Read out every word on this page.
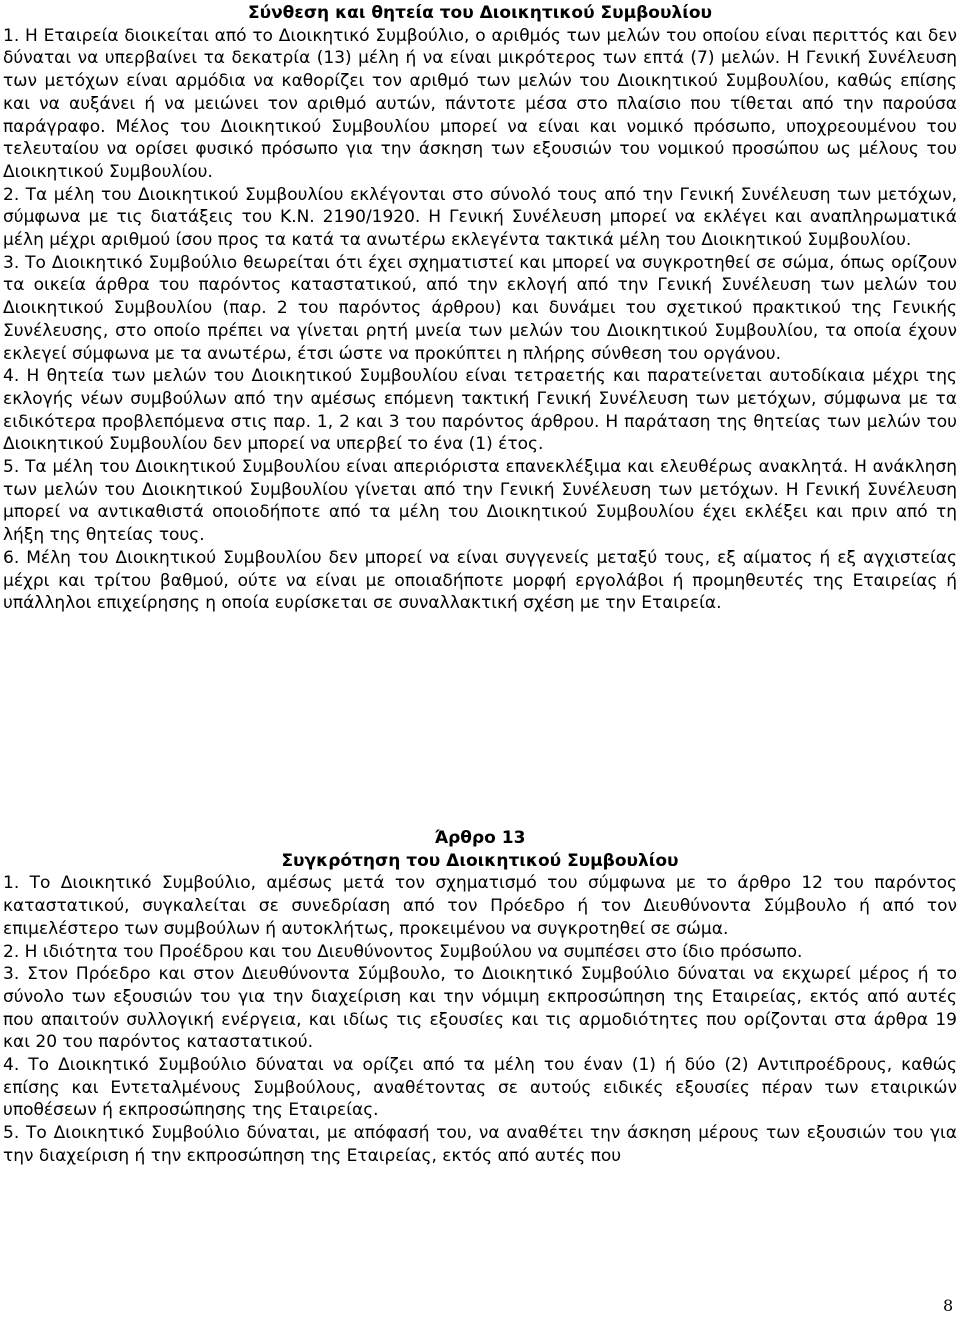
Σύνθεση και θητεία του Διοικητικού Συμβουλίου

1. Η Εταιρεία διοικείται από το Διοικητικό Συμβούλιο, ο αριθμός των μελών του οποίου είναι περιττός και δεν δύναται να υπερβαίνει τα δεκατρία (13) μέλη ή να είναι μικρότερος των επτά (7) μελών. Η Γενική Συνέλευση των μετόχων είναι αρμόδια να καθορίζει τον αριθμό των μελών του Διοικητικού Συμβουλίου, καθώς επίσης και να αυξάνει ή να μειώνει τον αριθμό αυτών, πάντοτε μέσα στο πλαίσιο που τίθεται από την παρούσα παράγραφο. Μέλος του Διοικητικού Συμβουλίου μπορεί να είναι και νομικό πρόσωπο, υποχρεουμένου του τελευταίου να ορίσει φυσικό πρόσωπο για την άσκηση των εξουσιών του νομικού προσώπου ως μέλους του Διοικητικού Συμβουλίου.

2. Τα μέλη του Διοικητικού Συμβουλίου εκλέγονται στο σύνολό τους από την Γενική Συνέλευση των μετόχων, σύμφωνα με τις διατάξεις του Κ.Ν. 2190/1920. Η Γενική Συνέλευση μπορεί να εκλέγει και αναπληρωματικά μέλη μέχρι αριθμού ίσου προς τα κατά τα ανωτέρω εκλεγέντα τακτικά μέλη του Διοικητικού Συμβουλίου.

3. Το Διοικητικό Συμβούλιο θεωρείται ότι έχει σχηματιστεί και μπορεί να συγκροτηθεί σε σώμα, όπως ορίζουν τα οικεία άρθρα του παρόντος καταστατικού, από την εκλογή από την Γενική Συνέλευση των μελών του Διοικητικού Συμβουλίου (παρ. 2 του παρόντος άρθρου) και δυνάμει του σχετικού πρακτικού της Γενικής Συνέλευσης, στο οποίο πρέπει να γίνεται ρητή μνεία των μελών του Διοικητικού Συμβουλίου, τα οποία έχουν εκλεγεί σύμφωνα με τα ανωτέρω, έτσι ώστε να προκύπτει η πλήρης σύνθεση του οργάνου.

4. Η θητεία των μελών του Διοικητικού Συμβουλίου είναι τετραετής και παρατείνεται αυτοδίκαια μέχρι της εκλογής νέων συμβούλων από την αμέσως επόμενη τακτική Γενική Συνέλευση των μετόχων, σύμφωνα με τα ειδικότερα προβλεπόμενα στις παρ. 1, 2 και 3 του παρόντος άρθρου. Η παράταση της θητείας των μελών του Διοικητικού Συμβουλίου δεν μπορεί να υπερβεί το ένα (1) έτος.

5. Τα μέλη του Διοικητικού Συμβουλίου είναι απεριόριστα επανεκλέξιμα και ελευθέρως ανακλητά. Η ανάκληση των μελών του Διοικητικού Συμβουλίου γίνεται από την Γενική Συνέλευση των μετόχων. Η Γενική Συνέλευση μπορεί να αντικαθιστά οποιοδήποτε από τα μέλη του Διοικητικού Συμβουλίου έχει εκλέξει και πριν από τη λήξη της θητείας τους.

6. Μέλη του Διοικητικού Συμβουλίου δεν μπορεί να είναι συγγενείς μεταξύ τους, εξ αίματος ή εξ αγχιστείας μέχρι και τρίτου βαθμού, ούτε να είναι με οποιαδήποτε μορφή εργολάβοι ή προμηθευτές της Εταιρείας ή υπάλληλοι επιχείρησης η οποία ευρίσκεται σε συναλλακτική σχέση με την Εταιρεία.

Άρθρο 13

Συγκρότηση του Διοικητικού Συμβουλίου

1. Το Διοικητικό Συμβούλιο, αμέσως μετά τον σχηματισμό του σύμφωνα με το άρθρο 12 του παρόντος καταστατικού, συγκαλείται σε συνεδρίαση από τον Πρόεδρο ή τον Διευθύνοντα Σύμβουλο ή από τον επιμελέστερο των συμβούλων ή αυτοκλήτως, προκειμένου να συγκροτηθεί σε σώμα.

2. Η ιδιότητα του Προέδρου και του Διευθύνοντος Συμβούλου να συμπέσει στο ίδιο πρόσωπο.

3. Στον Πρόεδρο και στον Διευθύνοντα Σύμβουλο, το Διοικητικό Συμβούλιο δύναται να εκχωρεί μέρος ή το σύνολο των εξουσιών του για την διαχείριση και την νόμιμη εκπροσώπηση της Εταιρείας, εκτός από αυτές που απαιτούν συλλογική ενέργεια, και ιδίως τις εξουσίες και τις αρμοδιότητες που ορίζονται στα άρθρα 19 και 20 του παρόντος καταστατικού.

4. Το Διοικητικό Συμβούλιο δύναται να ορίζει από τα μέλη του έναν (1) ή δύο (2) Αντιπροέδρους, καθώς επίσης και Εντεταλμένους Συμβούλους, αναθέτοντας σε αυτούς ειδικές εξουσίες πέραν των εταιρικών υποθέσεων ή εκπροσώπησης της Εταιρείας.

5. Το Διοικητικό Συμβούλιο δύναται, με απόφασή του, να αναθέτει την άσκηση μέρους των εξουσιών του για την διαχείριση ή την εκπροσώπηση της Εταιρείας, εκτός από αυτές που

8
